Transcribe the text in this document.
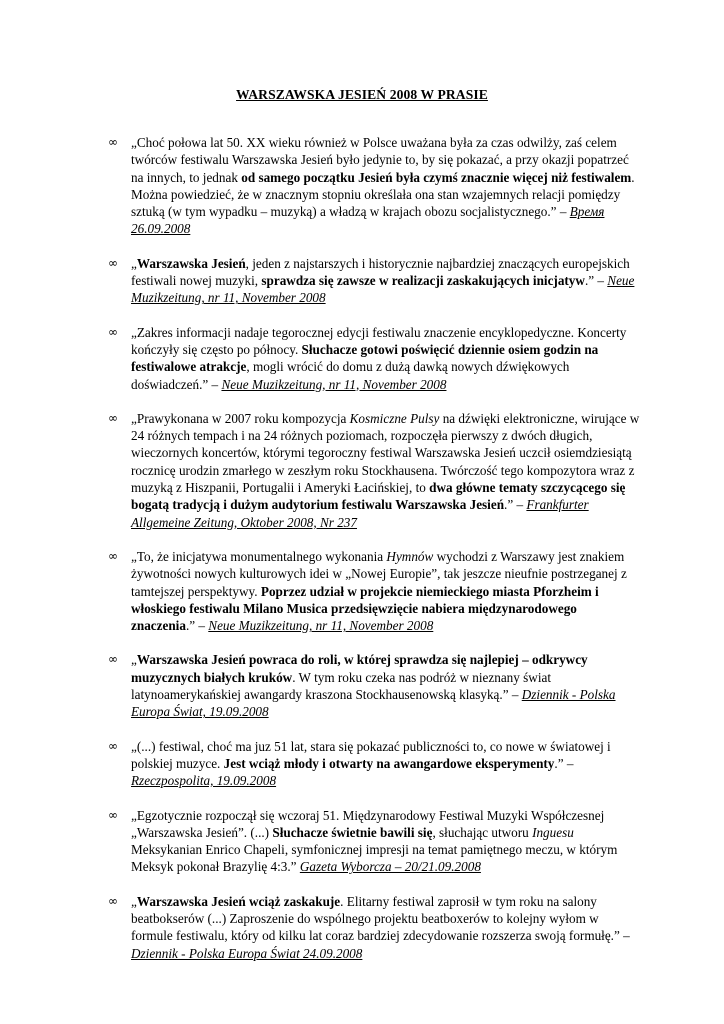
WARSZAWSKA JESIEŃ 2008 W PRASIE
∞ „Choć połowa lat 50. XX wieku również w Polsce uważana była za czas odwilży, zaś celem twórców festiwalu Warszawska Jesień było jedynie to, by się pokazać, a przy okazji popatrzeć na innych, to jednak od samego początku Jesień była czymś znacznie więcej niż festiwalem. Można powiedzieć, że w znacznym stopniu określała ona stan wzajemnych relacji pomiędzy sztuką (w tym wypadku – muzyką) a władzą w krajach obozu socjalistycznego.” – Время 26.09.2008
∞ „Warszawska Jesień, jeden z najstarszych i historycznie najbardziej znaczących europejskich festiwali nowej muzyki, sprawdza się zawsze w realizacji zaskakujących inicjatyw.” – Neue Muzikzeitung, nr 11, November 2008
∞ „Zakres informacji nadaje tegorocznej edycji festiwalu znaczenie encyklopedyczne. Koncerty kończyły się często po północy. Słuchacze gotowi poświęcić dziennie osiem godzin na festiwalowe atrakcje, mogli wrócić do domu z dużą dawką nowych dźwiękowych doświadczeń.” – Neue Muzikzeitung, nr 11, November 2008
∞ „Prawykonana w 2007 roku kompozycja Kosmiczne Pulsy na dźwięki elektroniczne, wirujące w 24 różnych tempach i na 24 różnych poziomach, rozpoczęła pierwszy z dwóch długich, wieczornych koncertów, którymi tegoroczny festiwal Warszawska Jesień uczcił osiemdziesiątą rocznicę urodzin zmarłego w zeszłym roku Stockhausena. Twórczość tego kompozytora wraz z muzyką z Hiszpanii, Portugalii i Ameryki Łacińskiej, to dwa główne tematy szczycącego się bogatą tradycją i dużym audytorium festiwalu Warszawska Jesień.” – Frankfurter Allgemeine Zeitung, Oktober 2008, Nr 237
∞ „To, że inicjatywa monumentalnego wykonania Hymnów wychodzi z Warszawy jest znakiem żywotności nowych kulturowych idei w „Nowej Europie”, tak jeszcze nieufnie postrzeganej z tamtejszej perspektywy. Poprzez udział w projekcie niemieckiego miasta Pforzheim i włoskiego festiwalu Milano Musica przedsięwzięcie nabiera międzynarodowego znaczenia.” – Neue Muzikzeitung, nr 11, November 2008
∞ „Warszawska Jesień powraca do roli, w której sprawdza się najlepiej – odkrywcy muzycznych białych kruków. W tym roku czeka nas podróż w nieznany świat latynoamerykańskiej awangardy kraszona Stockhausenowską klasyką.” – Dziennik - Polska Europa Świat, 19.09.2008
∞ „(...) festiwal, choć ma juz 51 lat, stara się pokazać publiczności to, co nowe w światowej i polskiej muzyce. Jest wciąż młody i otwarty na awangardowe eksperymenty.” – Rzeczpospolita, 19.09.2008
∞ „Egzotycznie rozpoczął się wczoraj 51. Międzynarodowy Festiwal Muzyki Współczesnej „Warszawska Jesień”. (...) Słuchacze świetnie bawili się, słuchając utworu Inguesu Meksykanian Enrico Chapeli, symfonicznej impresji na temat pamiętnego meczu, w którym Meksyk pokonał Brazylię 4:3.” Gazeta Wyborcza – 20/21.09.2008
∞ „Warszawska Jesień wciąż zaskakuje. Elitarny festiwal zaprosił w tym roku na salony beatbokserów (...) Zaproszenie do wspólnego projektu beatboxerów to kolejny wyłom w formule festiwalu, który od kilku lat coraz bardziej zdecydowanie rozszerza swoją formułę.” – Dziennik - Polska Europa Świat 24.09.2008
